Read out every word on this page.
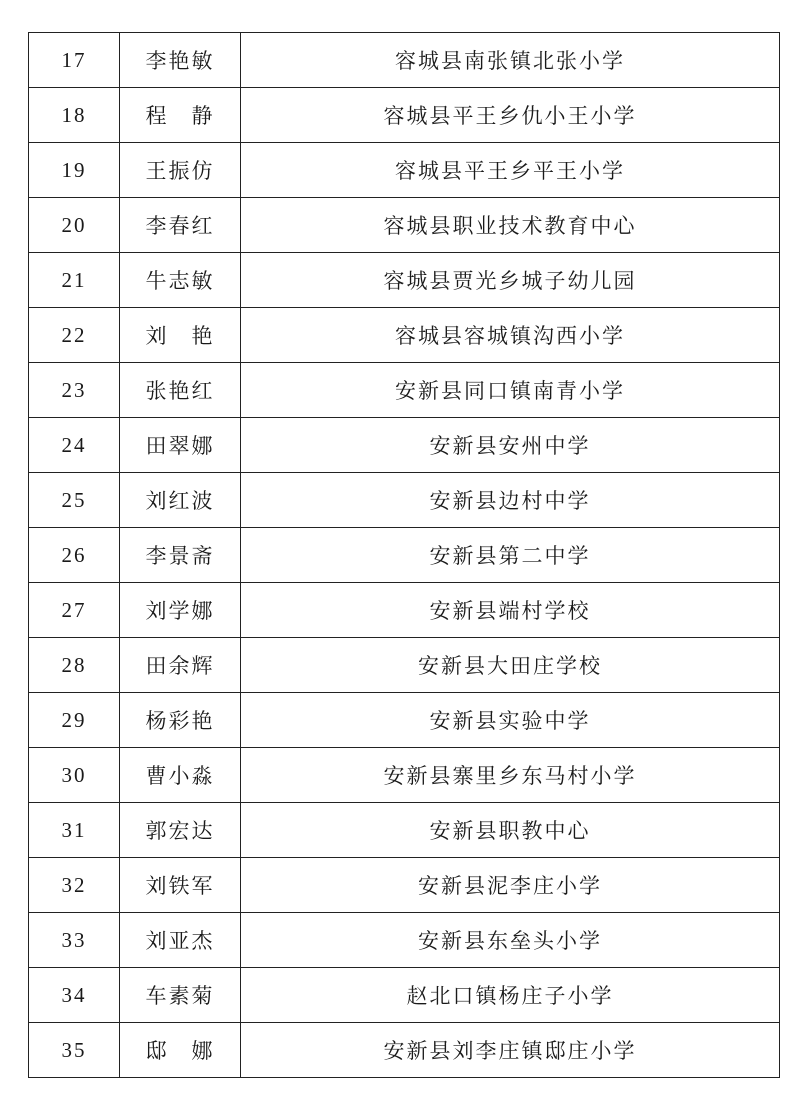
17	李艳敏	容城县南张镇北张小学
18	程　静	容城县平王乡仇小王小学
19	王振仿	容城县平王乡平王小学
20	李春红	容城县职业技术教育中心
21	牛志敏	容城县贾光乡城子幼儿园
22	刘　艳	容城县容城镇沟西小学
23	张艳红	安新县同口镇南青小学
24	田翠娜	安新县安州中学
25	刘红波	安新县边村中学
26	李景斋	安新县第二中学
27	刘学娜	安新县端村学校
28	田余辉	安新县大田庄学校
29	杨彩艳	安新县实验中学
30	曹小淼	安新县寨里乡东马村小学
31	郭宏达	安新县职教中心
32	刘铁军	安新县泥李庄小学
33	刘亚杰	安新县东垒头小学
34	车素菊	赵北口镇杨庄子小学
35	邸　娜	安新县刘李庄镇邸庄小学
